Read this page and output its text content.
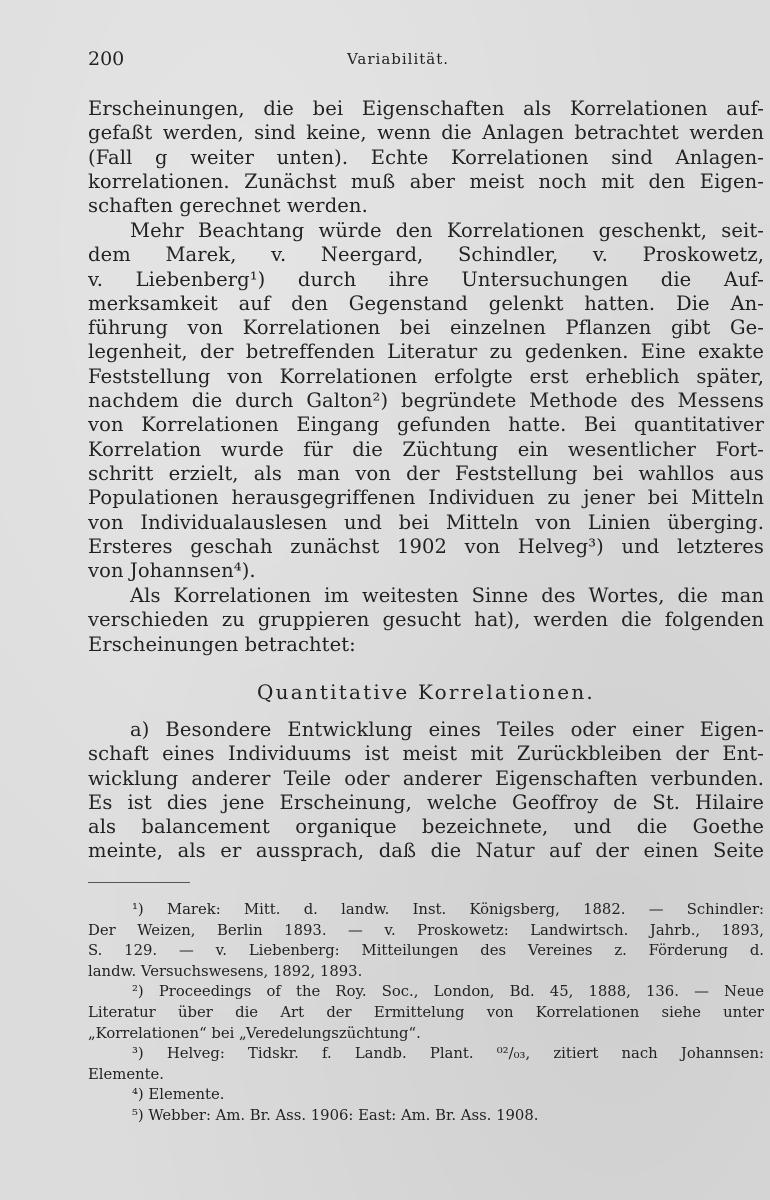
200	Variabilität.
Erscheinungen, die bei Eigenschaften als Korrelationen auf-
gefaßt werden, sind keine, wenn die Anlagen betrachtet werden
(Fall g weiter unten). Echte Korrelationen sind Anlagen-
korrelationen. Zunächst muß aber meist noch mit den Eigen-
schaften gerechnet werden.
Mehr Beachtang würde den Korrelationen geschenkt, seit-
dem Marek, v. Neergard, Schindler, v. Proskowetz,
v. Liebenberg¹) durch ihre Untersuchungen die Auf-
merksamkeit auf den Gegenstand gelenkt hatten. Die An-
führung von Korrelationen bei einzelnen Pflanzen gibt Ge-
legenheit, der betreffenden Literatur zu gedenken. Eine exakte
Feststellung von Korrelationen erfolgte erst erheblich später,
nachdem die durch Galton²) begründete Methode des Messens
von Korrelationen Eingang gefunden hatte. Bei quantitativer
Korrelation wurde für die Züchtung ein wesentlicher Fort-
schritt erzielt, als man von der Feststellung bei wahllos aus
Populationen herausgegriffenen Individuen zu jener bei Mitteln
von Individualauslesen und bei Mitteln von Linien überging.
Ersteres geschah zunächst 1902 von Helveg³) und letzteres
von Johannsen⁴).
Als Korrelationen im weitesten Sinne des Wortes, die man
verschieden zu gruppieren gesucht hat), werden die folgenden
Erscheinungen betrachtet:
Quantitative Korrelationen.
a) Besondere Entwicklung eines Teiles oder einer Eigen-
schaft eines Individuums ist meist mit Zurückbleiben der Ent-
wicklung anderer Teile oder anderer Eigenschaften verbunden.
Es ist dies jene Erscheinung, welche Geoffroy de St. Hilaire
als balancement organique bezeichnete, und die Goethe
meinte, als er aussprach, daß die Natur auf der einen Seite
¹) Marek: Mitt. d. landw. Inst. Königsberg, 1882. — Schindler:
Der Weizen, Berlin 1893. — v. Proskowetz: Landwirtsch. Jahrb., 1893,
S. 129. — v. Liebenberg: Mitteilungen des Vereines z. Förderung d.
landw. Versuchswesens, 1892, 1893.
²) Proceedings of the Roy. Soc., London, Bd. 45, 1888, 136. — Neue
Literatur über die Art der Ermittelung von Korrelationen siehe unter
„Korrelationen“ bei „Veredelungszüchtung“.
³) Helveg: Tidskr. f. Landb. Plant. ⁰²/₀₃, zitiert nach Johannsen:
Elemente.
⁴) Elemente.
⁵) Webber: Am. Br. Ass. 1906: East: Am. Br. Ass. 1908.
